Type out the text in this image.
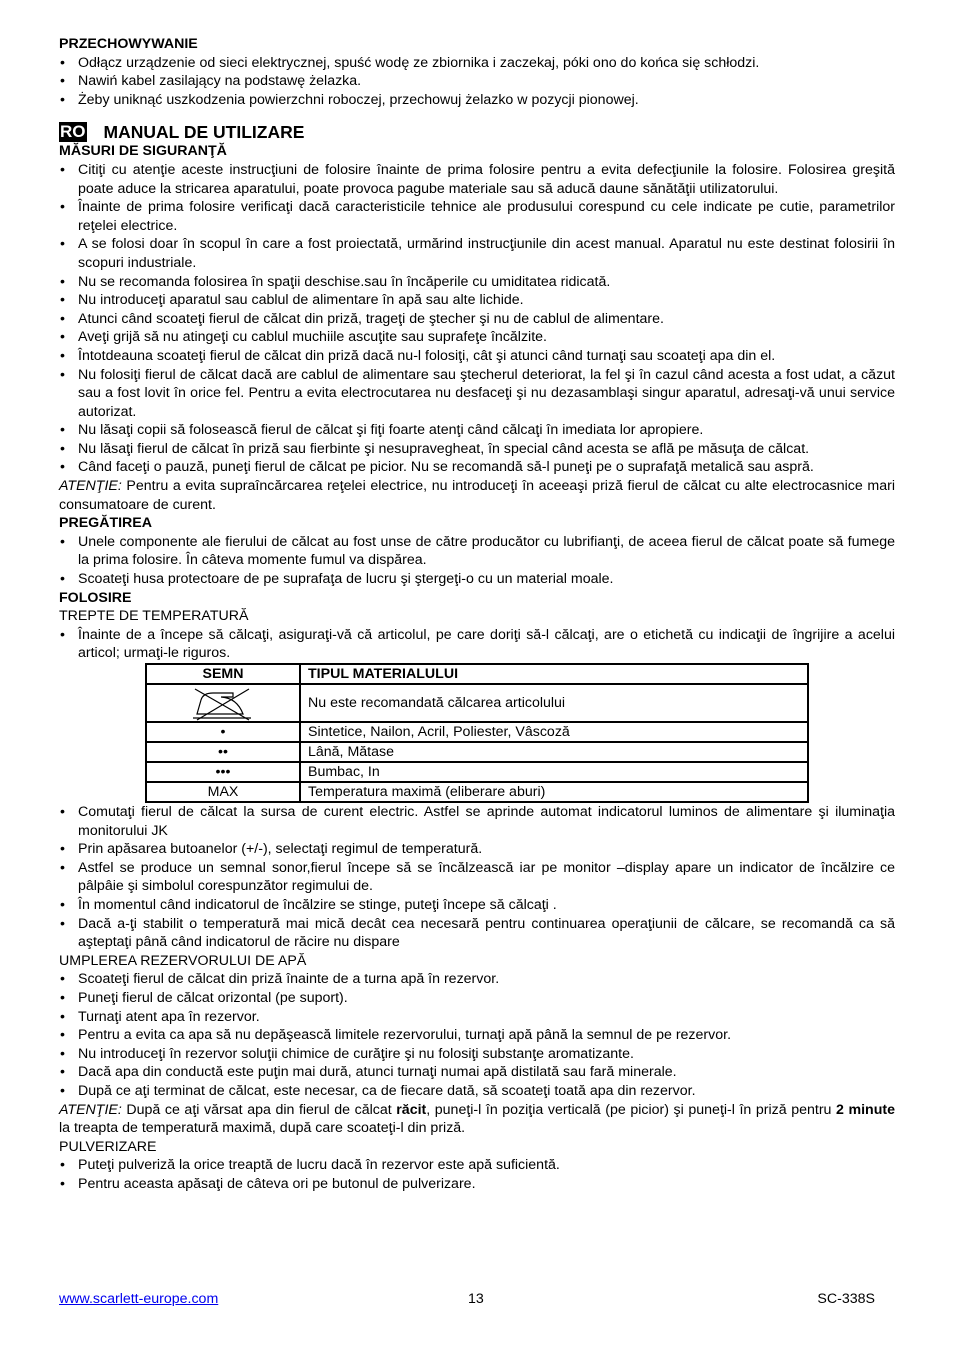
PRZECHOWYWANIE
• Odłącz urządzenie od sieci elektrycznej, spuść wodę ze zbiornika i zaczekaj, póki ono do końca się schłodzi.
• Nawiń kabel zasilający na podstawę żelazka.
• Żeby uniknąć uszkodzenia powierzchni roboczej, przechowuj żelazko w pozycji pionowej.
RO MANUAL DE UTILIZARE
MĂSURI DE SIGURANŢĂ
• Citiţi cu atenţie aceste instrucţiuni de folosire înainte de prima folosire pentru a evita defecţiunile la folosire. Folosirea greşită poate aduce la stricarea aparatului, poate provoca pagube materiale sau să aducă daune sănătăţii utilizatorului.
• Înainte de prima folosire verificaţi dacă caracteristicile tehnice ale produsului corespund cu cele indicate pe cutie, parametrilor reţelei electrice.
• A se folosi doar în scopul în care a fost proiectată, urmărind instrucţiunile din acest manual. Aparatul nu este destinat folosirii în scopuri industriale.
• Nu se recomanda folosirea în spaţii deschise.sau în încăperile cu umiditatea ridicată.
• Nu introduceţi aparatul sau cablul de alimentare în apă sau alte lichide.
• Atunci când scoateţi fierul de călcat din priză, trageţi de ştecher şi nu de cablul de alimentare.
• Aveţi grijă să nu atingeţi cu cablul muchiile ascuţite sau suprafeţe încălzite.
• Întotdeauna scoateţi fierul de călcat din priză dacă nu-l folosiţi, cât şi atunci când turnaţi sau scoateţi apa din el.
• Nu folosiţi fierul de călcat dacă are cablul de alimentare sau ştecherul deteriorat, la fel şi în cazul când acesta a fost udat, a căzut sau a fost lovit în orice fel. Pentru a evita electrocutarea nu desfaceţi şi nu dezasamblaşi singur aparatul, adresaţi-vă unui service autorizat.
• Nu lăsaţi copii să folosească fierul de călcat şi fiţi foarte atenţi când călcaţi în imediata lor apropiere.
• Nu lăsaţi fierul de călcat în priză sau fierbinte şi nesupravegheat, în special când acesta se află pe măsuţa de călcat.
• Când faceţi o pauză, puneţi fierul de călcat pe picior. Nu se recomandă să-l puneţi pe o suprafaţă metalică sau aspră.
ATENŢIE: Pentru a evita supraîncărcarea reţelei electrice, nu introduceţi în aceeaşi priză fierul de călcat cu alte electrocasnice mari consumatoare de curent.
PREGĂTIREA
• Unele componente ale fierului de călcat au fost unse de către producător cu lubrifianţi, de aceea fierul de călcat poate să fumege la prima folosire. În câteva momente fumul va dispărea.
• Scoateţi husa protectoare de pe suprafaţa de lucru şi ştergeţi-o cu un material moale.
FOLOSIRE
TREPTE DE TEMPERATURĂ
• Înainte de a începe să călcaţi, asiguraţi-vă că articolul, pe care doriţi să-l călcaţi, are o etichetă cu indicaţii de îngrijire a acelui articol; urmaţi-le riguros.
SEMN	TIPUL MATERIALULUI

	Nu este recomandată călcarea articolului
•	Sintetice, Nailon, Acril, Poliester, Vâscoză
••	Lână, Mătase
•••	Bumbac, In
MAX	Temperatura maximă (eliberare aburi)
• Comutaţi fierul de călcat la sursa de curent electric. Astfel se aprinde automat indicatorul luminos de alimentare şi iluminaţia monitorului JK
• Prin apăsarea butoanelor (+/-), selectaţi regimul de temperatură.
• Astfel se produce un semnal sonor,fierul începe să se încălzească iar pe monitor –display apare un indicator de încălzire ce pâlpâie şi simbolul corespunzător regimului de.
• În momentul când indicatorul de încălzire se stinge, puteţi începe să călcaţi .
• Dacă a-ţi stabilit o temperatură mai mică decât cea necesară pentru continuarea operaţiunii de călcare, se recomandă ca să aşteptaţi până când indicatorul de răcire nu dispare
UMPLEREA REZERVORULUI DE APĂ
• Scoateţi fierul de călcat din priză înainte de a turna apă în rezervor.
• Puneţi fierul de călcat orizontal (pe suport).
• Turnaţi atent apa în rezervor.
• Pentru a evita ca apa să nu depăşească limitele rezervorului, turnaţi apă până la semnul de pe rezervor.
• Nu introduceţi în rezervor soluţii chimice de curăţire şi nu folosiţi substanţe aromatizante.
• Dacă apa din conductă este puţin mai dură, atunci turnaţi numai apă distilată sau fară minerale.
• După ce aţi terminat de călcat, este necesar, ca de fiecare dată, să scoateţi toată apa din rezervor.
ATENŢIE: După ce aţi vărsat apa din fierul de călcat răcit, puneţi-l în poziţia verticală (pe picior) şi puneţi-l în priză pentru 2 minute la treapta de temperatură maximă, după care scoateţi-l din priză.
PULVERIZARE
• Puteţi pulveriză la orice treaptă de lucru dacă în rezervor este apă suficientă.
• Pentru aceasta apăsaţi de câteva ori pe butonul de pulverizare.
www.scarlett-europe.com	13	SC-338S
